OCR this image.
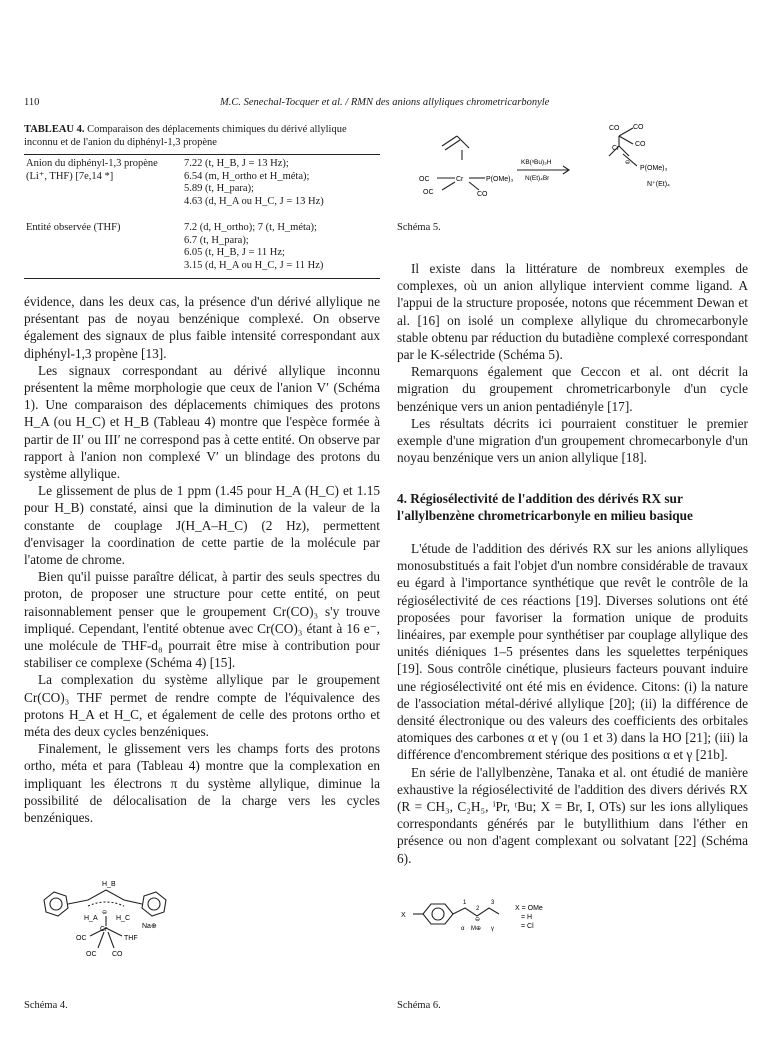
110	M.C. Senechal-Tocquer et al. / RMN des anions allyliques chrometricarbonyle
TABLEAU 4. Comparaison des déplacements chimiques du dérivé allylique inconnu et de l'anion du diphényl-1,3 propène
Anion du diphényl-1,3 propène (Li⁺, THF) [7e,14 *]
7.22 (t, H_B, J = 13 Hz);
6.54 (m, H_ortho et H_méta);
5.89 (t, H_para);
4.63 (d, H_A ou H_C, J = 13 Hz)
Entité observée (THF)	7.2 (d, H_ortho); 7 (t, H_méta);
6.7 (t, H_para);
6.05 (t, H_B, J = 11 Hz;
3.15 (d, H_A ou H_C, J = 11 Hz)

évidence, dans les deux cas, la présence d'un dérivé allylique ne présentant pas de noyau benzénique complexé. On observe également des signaux de plus faible intensité correspondant aux diphényl-1,3 propène [13].

Les signaux correspondant au dérivé allylique inconnu présentent la même morphologie que ceux de l'anion V′ (Schéma 1). Une comparaison des déplacements chimiques des protons H_A (ou H_C) et H_B (Tableau 4) montre que l'espèce formée à partir de II′ ou III′ ne correspond pas à cette entité. On observe par rapport à l'anion non complexé V′ un blindage des protons du système allylique.

Le glissement de plus de 1 ppm (1.45 pour H_A (H_C) et 1.15 pour H_B) constaté, ainsi que la diminution de la valeur de la constante de couplage J(H_A–H_C) (2 Hz), permettent d'envisager la coordination de cette partie de la molécule par l'atome de chrome.

Bien qu'il puisse paraître délicat, à partir des seuls spectres du proton, de proposer une structure pour cette entité, on peut raisonnablement penser que le groupement Cr(CO)₃ s'y trouve impliqué. Cependant, l'entité obtenue avec Cr(CO)₃ étant à 16 e⁻, une molécule de THF-d₈ pourrait être mise à contribution pour stabiliser ce complexe (Schéma 4) [15].

La complexation du système allylique par le groupement Cr(CO)₃ THF permet de rendre compte de l'équivalence des protons H_A et H_C, et également de celle des protons ortho et méta des deux cycles benzéniques.

Finalement, le glissement vers les champs forts des protons ortho, méta et para (Tableau 4) montre que la complexation en impliquant les électrons π du système allylique, diminue la possibilité de délocalisation de la charge vers les cycles benzéniques.

OC
OC
Cr
CO
P(OMe)₃
KB(ˢBu)₃H
N(Et)₄Br
CO
CO
CO
Cr
⊖
P(OMe)₃
N⁺(Et)₄
Schéma 5.

Il existe dans la littérature de nombreux exemples de complexes, où un anion allylique intervient comme ligand. A l'appui de la structure proposée, notons que récemment Dewan et al. [16] on isolé un complexe allylique du chromecarbonyle stable obtenu par réduction du butadiène complexé correspondant par le K-sélectride (Schéma 5).

Remarquons également que Ceccon et al. ont décrit la migration du groupement chrometricarbonyle d'un cycle benzénique vers un anion pentadiényle [17].

Les résultats décrits ici pourraient constituer le premier exemple d'une migration d'un groupement chromecarbonyle d'un noyau benzénique vers un anion allylique [18].

4. Régiosélectivité de l'addition des dérivés RX sur l'allylbenzène chrometricarbonyle en milieu basique

L'étude de l'addition des dérivés RX sur les anions allyliques monosubstitués a fait l'objet d'un nombre considérable de travaux eu égard à l'importance synthétique que revêt le contrôle de la régiosélectivité de ces réactions [19]. Diverses solutions ont été proposées pour favoriser la formation unique de produits linéaires, par exemple pour synthétiser par couplage allylique des unités diéniques 1–5 présentes dans les squelettes terpéniques [19]. Sous contrôle cinétique, plusieurs facteurs pouvant induire une régiosélectivité ont été mis en évidence. Citons: (i) la nature de l'association métal-dérivé allylique [20]; (ii) la différence de densité électronique ou des valeurs des coefficients des orbitales atomiques des carbones α et γ (ou 1 et 3) dans la HO [21]; (iii) la différence d'encombrement stérique des positions α et γ [21b].

En série de l'allylbenzène, Tanaka et al. ont étudié de manière exhaustive la régiosélectivité de l'addition des divers dérivés RX (R = CH₃, C₂H₅, ⁱPr, ᵗBu; X = Br, I, OTs) sur les ions allyliques correspondants générés par le butyllithium dans l'éther en présence ou non d'agent complexant ou solvatant [22] (Schéma 6).

H_B
H_A	H_C
⊖
Cr
THF
Na⊕
OC
OC CO
Schéma 4.
X
1
2
3
⊖
α M⊕ γ
X = OMe
= H
= Cl
Schéma 6.
